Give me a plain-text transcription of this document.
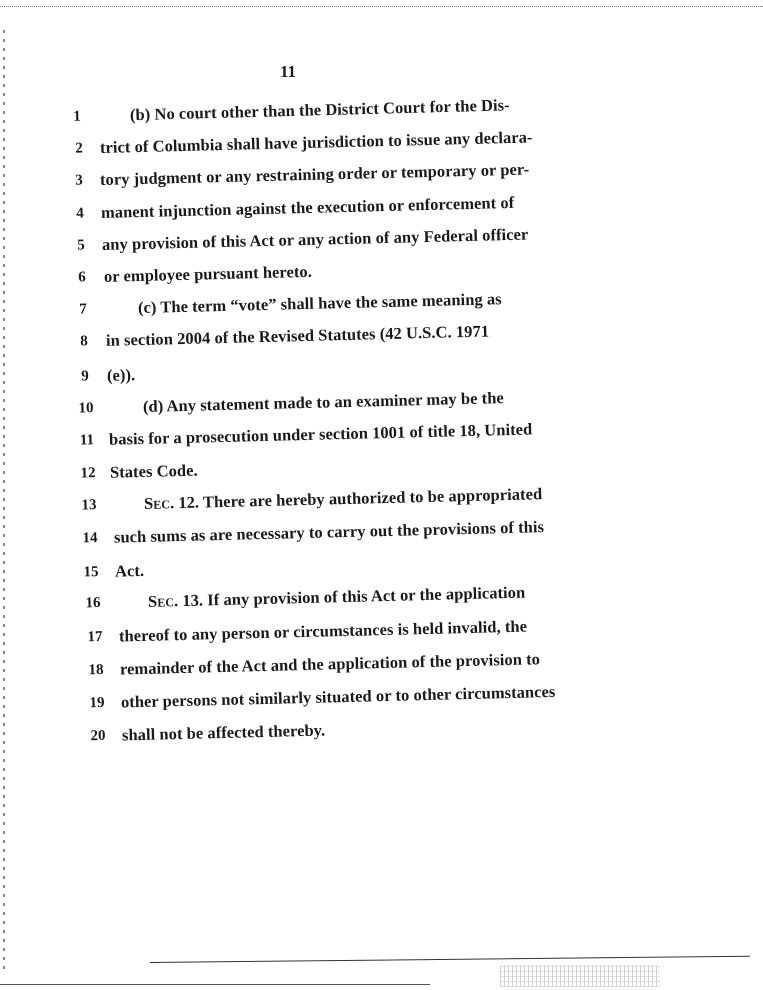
11
1	(b) No court other than the District Court for the Dis-
2	trict of Columbia shall have jurisdiction to issue any declara-
3	tory judgment or any restraining order or temporary or per-
4	manent injunction against the execution or enforcement of
5	any provision of this Act or any action of any Federal officer
6	or employee pursuant hereto.
7	(c) The term “vote” shall have the same meaning as
8	in section 2004 of the Revised Statutes (42 U.S.C. 1971
9	(e)).
10	(d) Any statement made to an examiner may be the
11 basis for a prosecution under section 1001 of title 18, United
12 States Code.
13	Sec. 12. There are hereby authorized to be appropriated
14 such sums as are necessary to carry out the provisions of this
15 Act.
16	Sec. 13. If any provision of this Act or the application
17 thereof to any person or circumstances is held invalid, the
18 remainder of the Act and the application of the provision to
19 other persons not similarly situated or to other circumstances
20 shall not be affected thereby.
